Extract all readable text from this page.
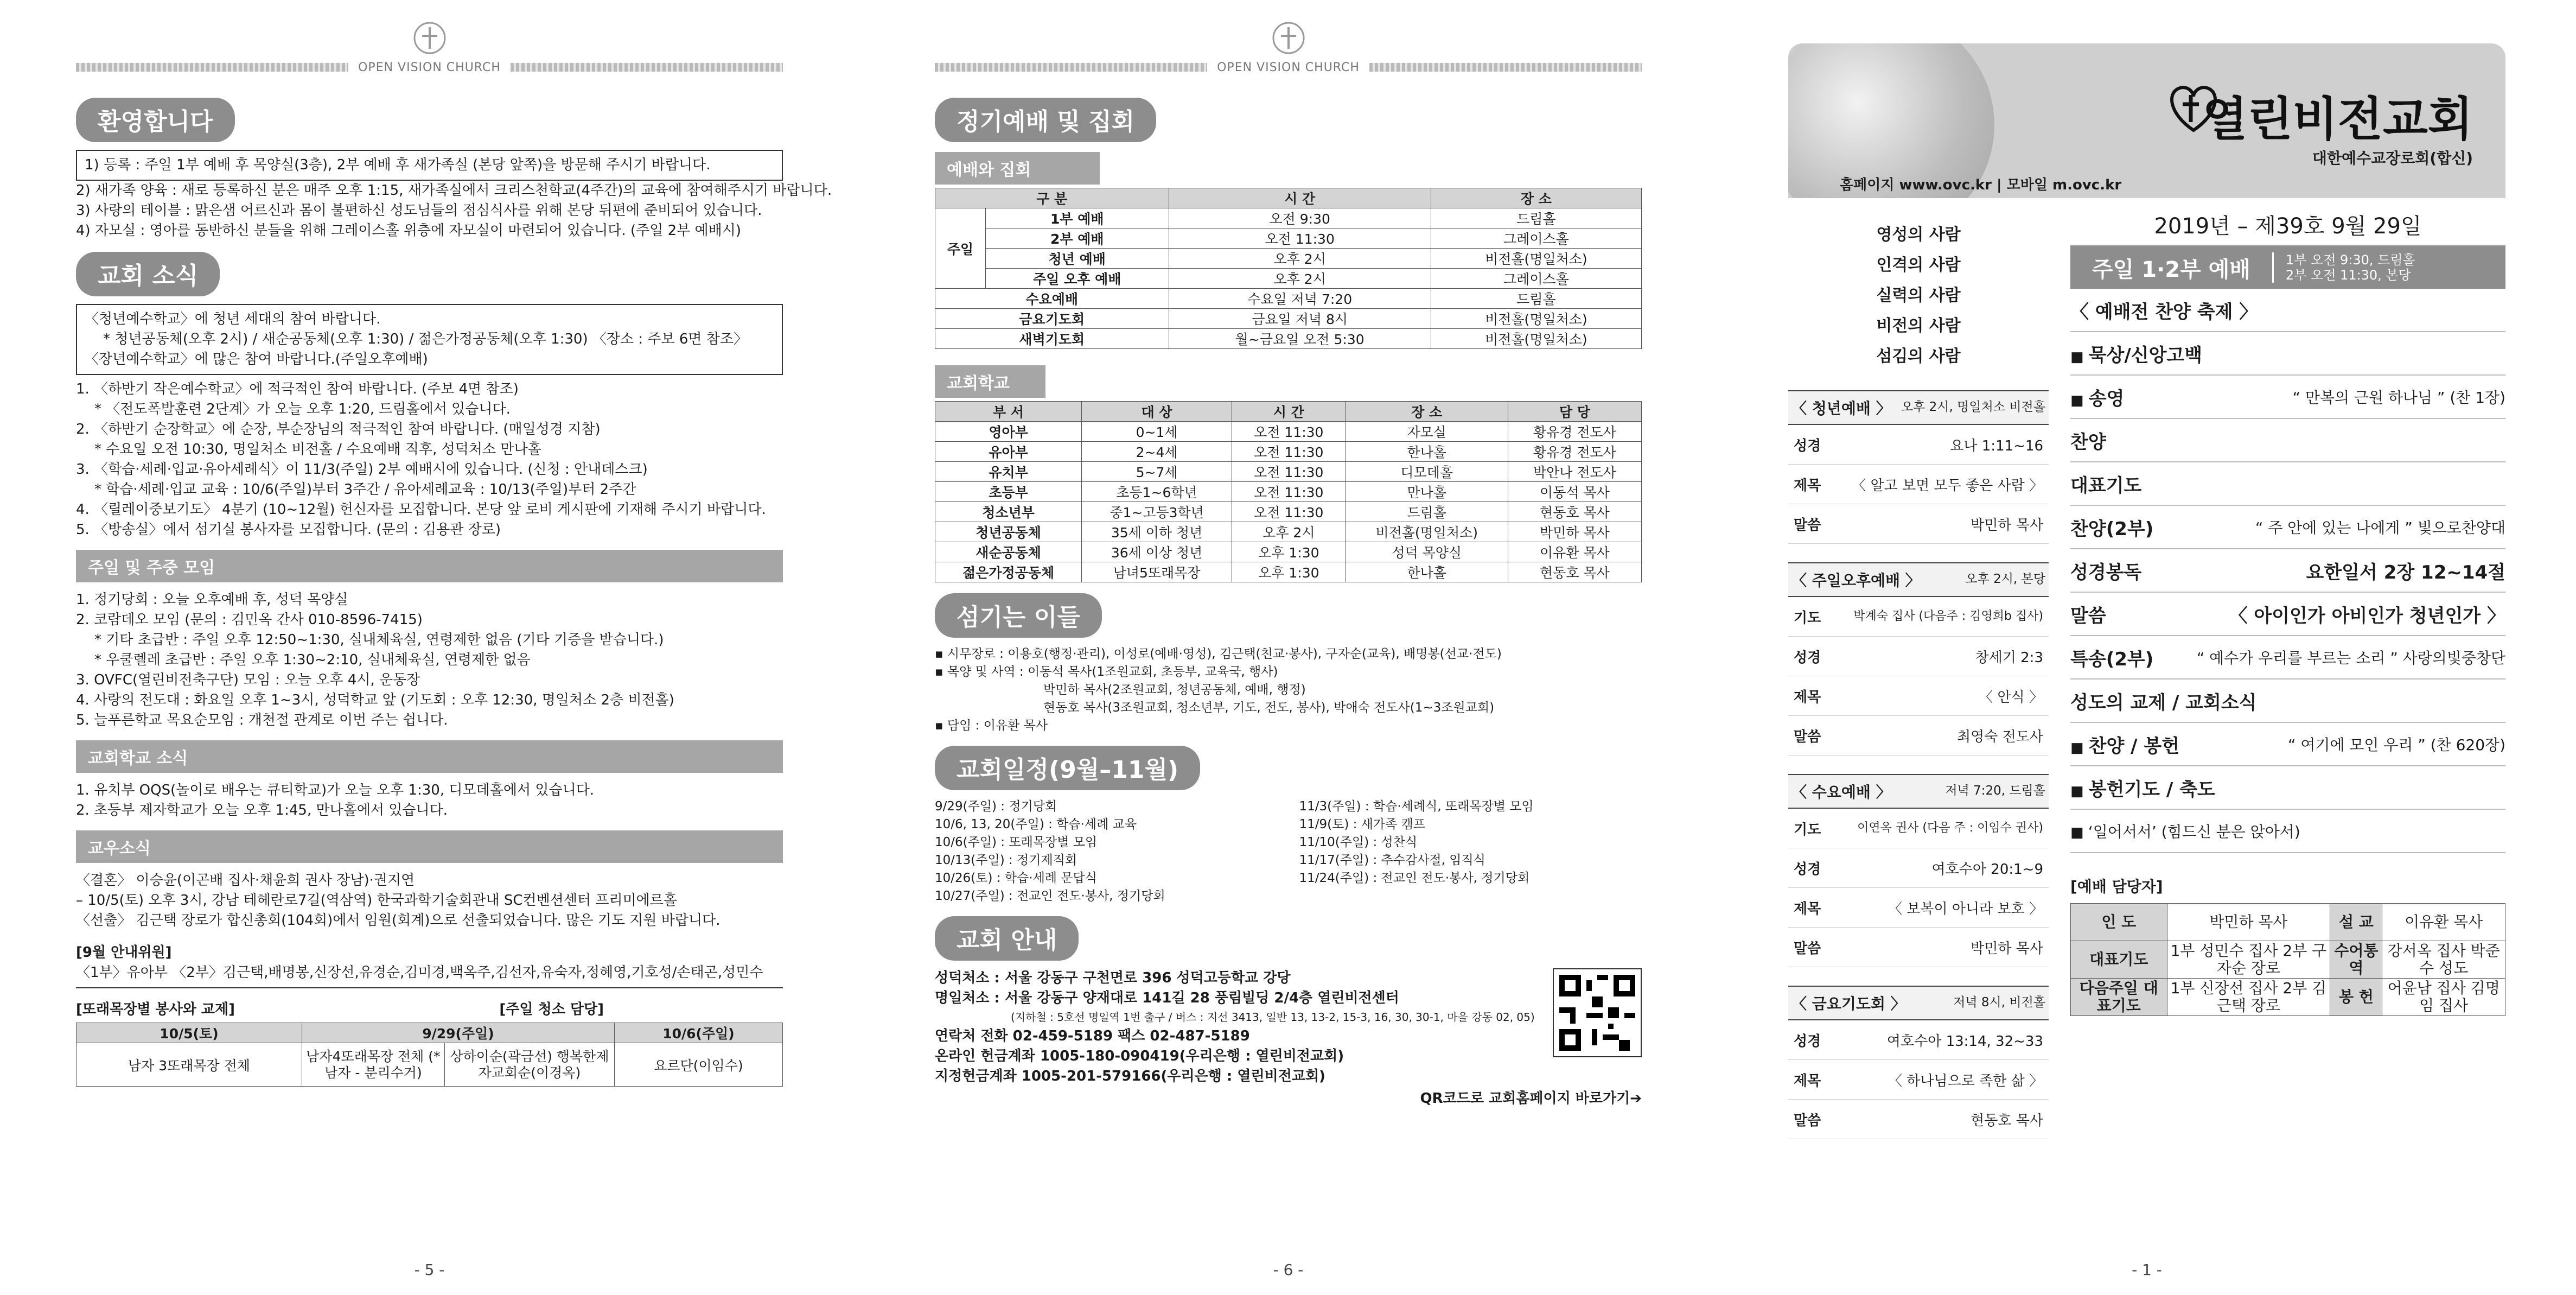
OPEN VISION CHURCH
환영합니다
1) 등록 : 주일 1부 예배 후 목양실(3층), 2부 예배 후 새가족실 (본당 앞쪽)을 방문해 주시기 바랍니다.
2) 새가족 양육 : 새로 등록하신 분은 매주 오후 1:15, 새가족실에서 크리스천학교(4주간)의 교육에 참여해주시기 바랍니다.
3) 사랑의 테이블 : 맑은샘 어르신과 몸이 불편하신 성도님들의 점심식사를 위해 본당 뒤편에 준비되어 있습니다.
4) 자모실 : 영아를 동반하신 분들을 위해 그레이스홀 위층에 자모실이 마련되어 있습니다. (주일 2부 예배시)
교회 소식
〈청년예수학교〉에 청년 세대의 참여 바랍니다.
* 청년공동체(오후 2시) / 새순공동체(오후 1:30) / 젊은가정공동체(오후 1:30) 〈장소 : 주보 6면 참조〉
〈장년예수학교〉에 많은 참여 바랍니다.(주일오후예배)
1. 〈하반기 작은예수학교〉에 적극적인 참여 바랍니다. (주보 4면 참조)
* 〈전도폭발훈련 2단계〉가 오늘 오후 1:20, 드림홀에서 있습니다.
2. 〈하반기 순장학교〉에 순장, 부순장님의 적극적인 참여 바랍니다. (매일성경 지참)
* 수요일 오전 10:30, 명일처소 비전홀 / 수요예배 직후, 성덕처소 만나홀
3. 〈학습·세례·입교·유아세례식〉이 11/3(주일) 2부 예배시에 있습니다. (신청 : 안내데스크)
* 학습·세례·입교 교육 : 10/6(주일)부터 3주간 / 유아세례교육 : 10/13(주일)부터 2주간
4. 〈릴레이중보기도〉 4분기 (10~12월) 헌신자를 모집합니다. 본당 앞 로비 게시판에 기재해 주시기 바랍니다.
5. 〈방송실〉에서 섬기실 봉사자를 모집합니다. (문의 : 김용관 장로)
주일 및 주중 모임
1. 정기당회 : 오늘 오후예배 후, 성덕 목양실
2. 코람데오 모임 (문의 : 김민옥 간사 010-8596-7415)
* 기타 초급반 : 주일 오후 12:50~1:30, 실내체육실, 연령제한 없음 (기타 기증을 받습니다.)
* 우쿨렐레 초급반 : 주일 오후 1:30~2:10, 실내체육실, 연령제한 없음
3. OVFC(열린비전축구단) 모임 : 오늘 오후 4시, 운동장
4. 사랑의 전도대 : 화요일 오후 1~3시, 성덕학교 앞 (기도회 : 오후 12:30, 명일처소 2층 비전홀)
5. 늘푸른학교 목요순모임 : 개천절 관계로 이번 주는 쉽니다.
교회학교 소식
1. 유치부 OQS(놀이로 배우는 큐티학교)가 오늘 오후 1:30, 디모데홀에서 있습니다.
2. 초등부 제자학교가 오늘 오후 1:45, 만나홀에서 있습니다.
교우소식
〈결혼〉 이승윤(이곤배 집사·채윤희 권사 장남)·권지연
– 10/5(토) 오후 3시, 강남 테헤란로7길(역삼역) 한국과학기술회관내 SC컨벤션센터 프리미에르홀
〈선출〉 김근택 장로가 합신총회(104회)에서 임원(회계)으로 선출되었습니다. 많은 기도 지원 바랍니다.
[9월 안내위원]
〈1부〉유아부 〈2부〉김근택,배명봉,신장선,유경순,김미경,백옥주,김선자,유숙자,정혜영,기호성/손태곤,성민수
[또래목장별 봉사와 교제]	[주일 청소 담당]
10/5(토)	9/29(주일)		10/6(주일)
남자 3또래목장 전체	남자4또래목장 전체 (*남자 - 분리수거)	상하이순(곽금선) 행복한제자교회순(이경옥)	요르단(이임수)
- 5 -
OPEN VISION CHURCH
정기예배 및 집회
예배와 집회
구 분		시 간	장 소
주일	1부 예배	오전 9:30	드림홀
	2부 예배	오전 11:30	그레이스홀
	청년 예배	오후 2시	비전홀(명일처소)
	주일 오후 예배	오후 2시	그레이스홀
수요예배		수요일 저녁 7:20	드림홀
금요기도회		금요일 저녁 8시	비전홀(명일처소)
새벽기도회		월~금요일 오전 5:30	비전홀(명일처소)
교회학교
부 서	대 상	시 간	장 소	담 당
영아부	0~1세	오전 11:30	자모실	황유경 전도사
유아부	2~4세	오전 11:30	한나홀	황유경 전도사
유치부	5~7세	오전 11:30	디모데홀	박안나 전도사
초등부	초등1~6학년	오전 11:30	만나홀	이동석 목사
청소년부	중1~고등3학년	오전 11:30	드림홀	현동호 목사
청년공동체	35세 이하 청년	오후 2시	비전홀(명일처소)	박민하 목사
새순공동체	36세 이상 청년	오후 1:30	성덕 목양실	이유환 목사
젊은가정공동체	남녀5또래목장	오후 1:30	한나홀	현동호 목사
섬기는 이들
▪ 시무장로 : 이용호(행정·관리), 이성로(예배·영성), 김근택(친교·봉사), 구자순(교육), 배명봉(선교·전도)
▪ 목양 및 사역 : 이동석 목사(1조원교회, 초등부, 교육국, 행사)
박민하 목사(2조원교회, 청년공동체, 예배, 행정)
현동호 목사(3조원교회, 청소년부, 기도, 전도, 봉사), 박애숙 전도사(1~3조원교회)
▪ 담임 : 이유환 목사
교회일정(9월–11월)
9/29(주일) : 정기당회
10/6, 13, 20(주일) : 학습·세례 교육
10/6(주일) : 또래목장별 모임
10/13(주일) : 정기제직회
10/26(토) : 학습·세례 문답식
10/27(주일) : 전교인 전도·봉사, 정기당회
11/3(주일) : 학습·세례식, 또래목장별 모임
11/9(토) : 새가족 캠프
11/10(주일) : 성찬식
11/17(주일) : 추수감사절, 임직식
11/24(주일) : 전교인 전도·봉사, 정기당회
교회 안내
성덕처소 : 서울 강동구 구천면로 396 성덕고등학교 강당
명일처소 : 서울 강동구 양재대로 141길 28 풍림빌딩 2/4층 열린비전센터
(지하철 : 5호선 명일역 1번 출구 / 버스 : 지선 3413, 일반 13, 13-2, 15-3, 16, 30, 30-1, 마을 강동 02, 05)
연락처 전화 02-459-5189 팩스 02-487-5189
온라인 헌금계좌 1005-180-090419(우리은행 : 열린비전교회)
지정헌금계좌 1005-201-579166(우리은행 : 열린비전교회)
QR코드로 교회홈페이지 바로가기➔
- 6 -
열린비전교회
대한예수교장로회(합신)
홈페이지 www.ovc.kr | 모바일 m.ovc.kr
영성의 사람
인격의 사람
실력의 사람
비전의 사람
섬김의 사람
〈 청년예배 〉 오후 2시, 명일처소 비전홀
성경	요나 1:11~16
제목	〈 알고 보면 모두 좋은 사람 〉
말씀	박민하 목사
〈 주일오후예배 〉	오후 2시, 본당
기도	박계숙 집사 (다음주 : 김영희b 집사)
성경	창세기 2:3
제목	〈 안식 〉
말씀	최영숙 전도사
〈 수요예배 〉	저녁 7:20, 드림홀
기도	이연옥 권사 (다음 주 : 이임수 권사)
성경	여호수아 20:1~9
제목	〈 보복이 아니라 보호 〉
말씀	박민하 목사
〈 금요기도회 〉	저녁 8시, 비전홀
성경	여호수아 13:14, 32~33
제목	〈 하나님으로 족한 삶 〉
말씀	현동호 목사
2019년 – 제39호 9월 29일
주일 1·2부 예배	1부 오전 9:30, 드림홀
2부 오전 11:30, 본당
〈 예배전 찬양 축제 〉
■ 묵상/신앙고백
■ 송영	“ 만복의 근원 하나님 ” (찬 1장)
찬양
대표기도
찬양(2부)	“ 주 안에 있는 나에게 ” 빛으로찬양대
성경봉독	요한일서 2장 12~14절
말씀	〈 아이인가 아비인가 청년인가 〉
특송(2부)	“ 예수가 우리를 부르는 소리 ” 사랑의빛중창단
성도의 교제 / 교회소식
■ 찬양 / 봉헌	“ 여기에 모인 우리 ” (찬 620장)
■ 봉헌기도 / 축도
■ ‘일어서서’ (힘드신 분은 앉아서)
[예배 담당자]
인 도	박민하 목사	설 교	이유환 목사
대표기도	1부 성민수 집사 2부 구자순 장로	수어통역	강서옥 집사 박준수 성도
다음주일 대표기도	1부 신장선 집사 2부 김근택 장로	봉 헌	어윤남 집사 김명임 집사
- 1 -
